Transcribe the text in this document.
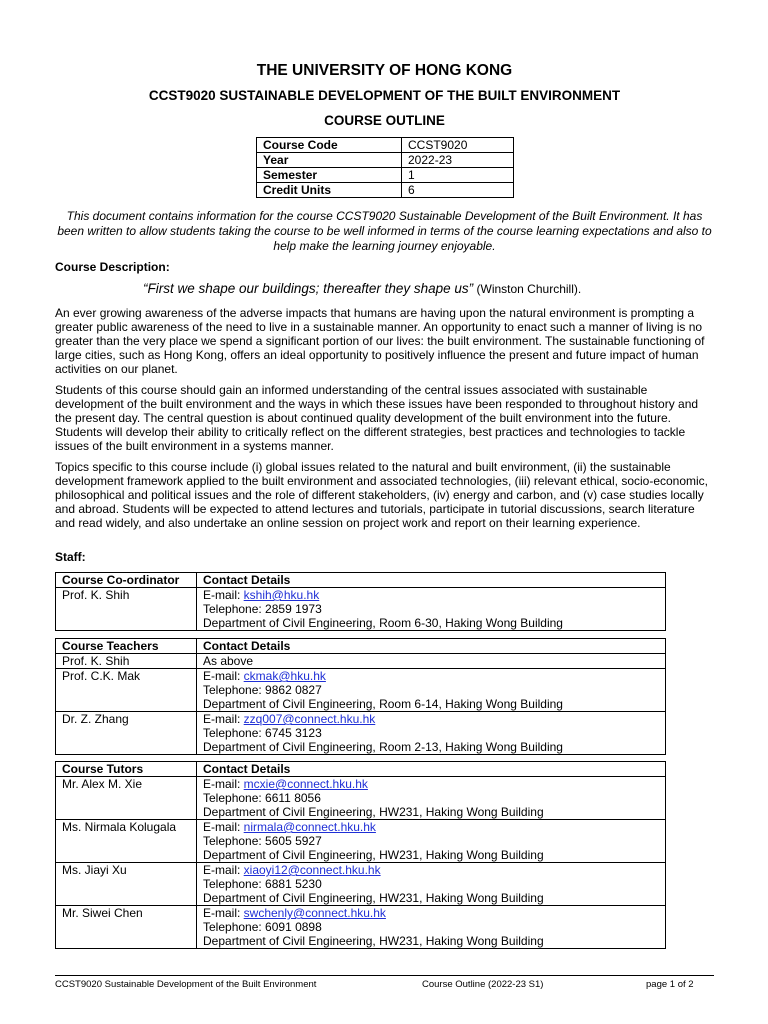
THE UNIVERSITY OF HONG KONG
CCST9020 SUSTAINABLE DEVELOPMENT OF THE BUILT ENVIRONMENT
COURSE OUTLINE
Course Code	CCST9020
Year	2022-23
Semester	1
Credit Units	6
This document contains information for the course CCST9020 Sustainable Development of the Built Environment. It has been written to allow students taking the course to be well informed in terms of the course learning expectations and also to help make the learning journey enjoyable.
Course Description:
“First we shape our buildings; thereafter they shape us” (Winston Churchill).

An ever growing awareness of the adverse impacts that humans are having upon the natural environment is prompting a greater public awareness of the need to live in a sustainable manner. An opportunity to enact such a manner of living is no greater than the very place we spend a significant portion of our lives: the built environment. The sustainable functioning of large cities, such as Hong Kong, offers an ideal opportunity to positively influence the present and future impact of human activities on our planet.

Students of this course should gain an informed understanding of the central issues associated with sustainable development of the built environment and the ways in which these issues have been responded to throughout history and the present day. The central question is about continued quality development of the built environment into the future. Students will develop their ability to critically reflect on the different strategies, best practices and technologies to tackle issues of the built environment in a systems manner.

Topics specific to this course include (i) global issues related to the natural and built environment, (ii) the sustainable development framework applied to the built environment and associated technologies, (iii) relevant ethical, socio-economic, philosophical and political issues and the role of different stakeholders, (iv) energy and carbon, and (v) case studies locally and abroad. Students will be expected to attend lectures and tutorials, participate in tutorial discussions, search literature and read widely, and also undertake an online session on project work and report on their learning experience.

Staff:
Course Co-ordinator	Contact Details
Prof. K. Shih	E-mail: kshih@hku.hk
Telephone: 2859 1973
Department of Civil Engineering, Room 6-30, Haking Wong Building
Course Teachers	Contact Details
Prof. K. Shih	As above

Prof. C.K. Mak	E-mail: ckmak@hku.hk
Telephone: 9862 0827
Department of Civil Engineering, Room 6-14, Haking Wong Building

Dr. Z. Zhang	E-mail: zzq007@connect.hku.hk
Telephone: 6745 3123
Department of Civil Engineering, Room 2-13, Haking Wong Building
Course Tutors	Contact Details
Mr. Alex M. Xie	E-mail: mcxie@connect.hku.hk
Telephone: 6611 8056
Department of Civil Engineering, HW231, Haking Wong Building

Ms. Nirmala Kolugala	E-mail: nirmala@connect.hku.hk
Telephone: 5605 5927
Department of Civil Engineering, HW231, Haking Wong Building

Ms. Jiayi Xu	E-mail: xiaoyi12@connect.hku.hk
Telephone: 6881 5230
Department of Civil Engineering, HW231, Haking Wong Building

Mr. Siwei Chen	E-mail: swchenly@connect.hku.hk
Telephone: 6091 0898
Department of Civil Engineering, HW231, Haking Wong Building
CCST9020 Sustainable Development of the Built Environment	Course Outline (2022-23 S1)	page 1 of 2
